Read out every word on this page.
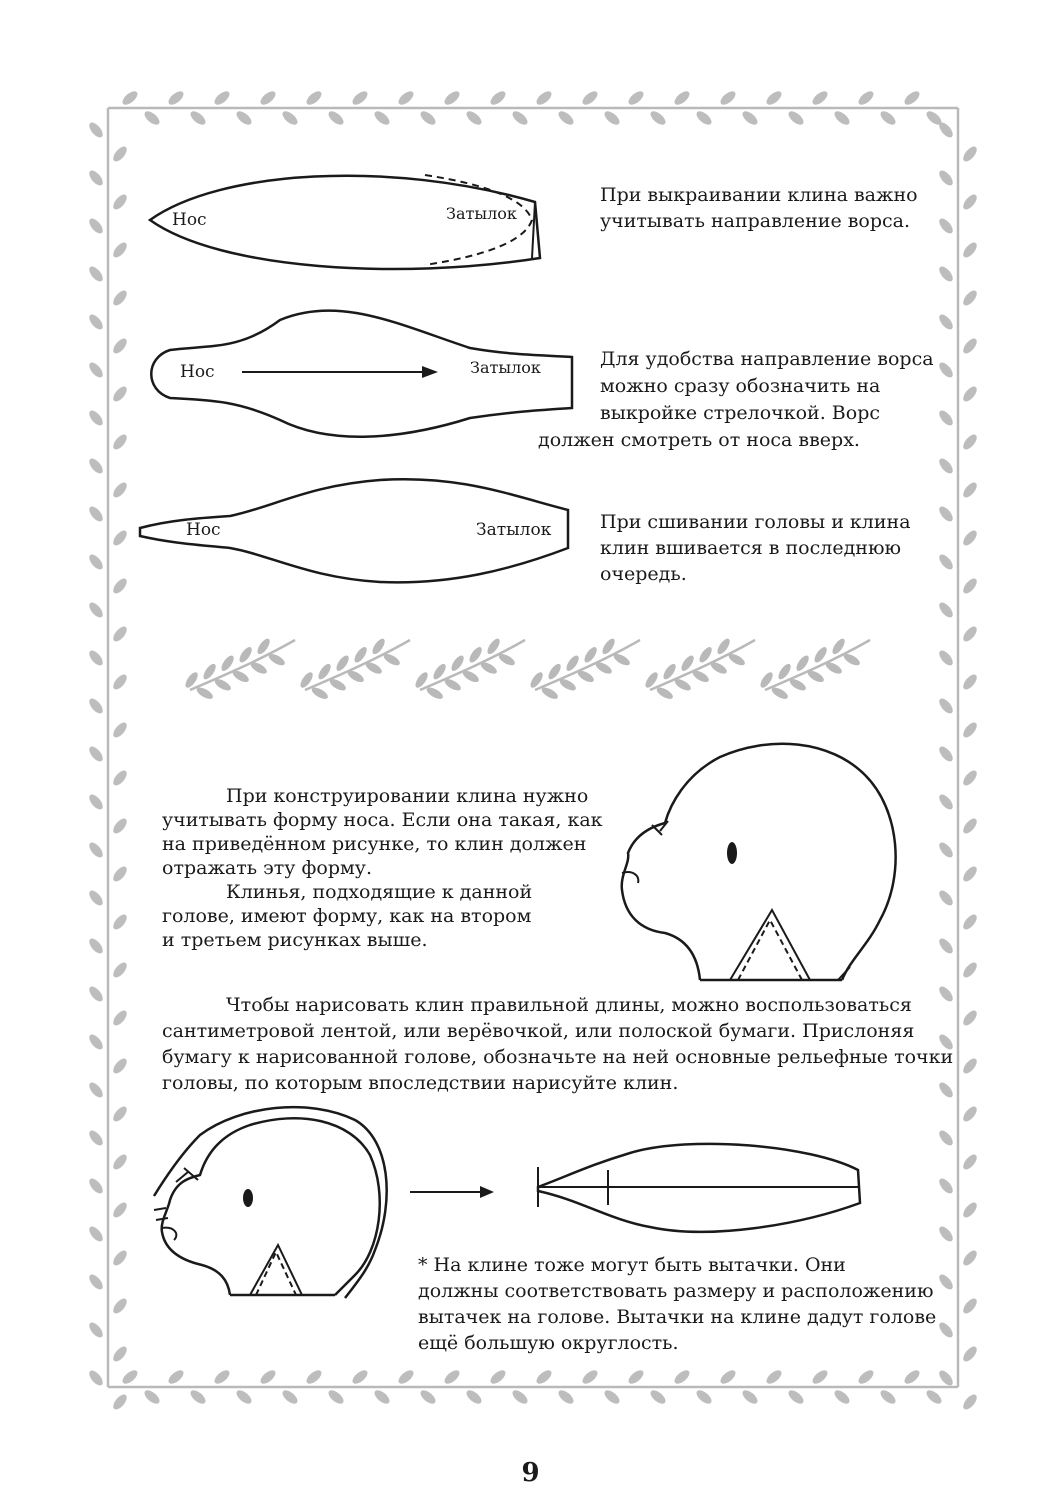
Нос	Затылок
Нос	Затылок
Нос	Затылок
При выкраивании клина важно
учитывать направление ворса.
Для удобства направление ворса
можно сразу обозначить на
выкройке стрелочкой. Ворс
должен смотреть от носа вверх.
При сшивании головы и клина
клин вшивается в последнюю
очередь.
При конструировании клина нужно
учитывать форму носа. Если она такая, как
на приведённом рисунке, то клин должен
отражать эту форму.
Клинья, подходящие к данной
голове, имеют форму, как на втором
и третьем рисунках выше.
Чтобы нарисовать клин правильной длины, можно воспользоваться
сантиметровой лентой, или верёвочкой, или полоской бумаги. Прислоняя
бумагу к нарисованной голове, обозначьте на ней основные рельефные точки
головы, по которым впоследствии нарисуйте клин.
* На клине тоже могут быть вытачки. Они
должны соответствовать размеру и расположению
вытачек на голове. Вытачки на клине дадут голове
ещё большую округлость.
9
